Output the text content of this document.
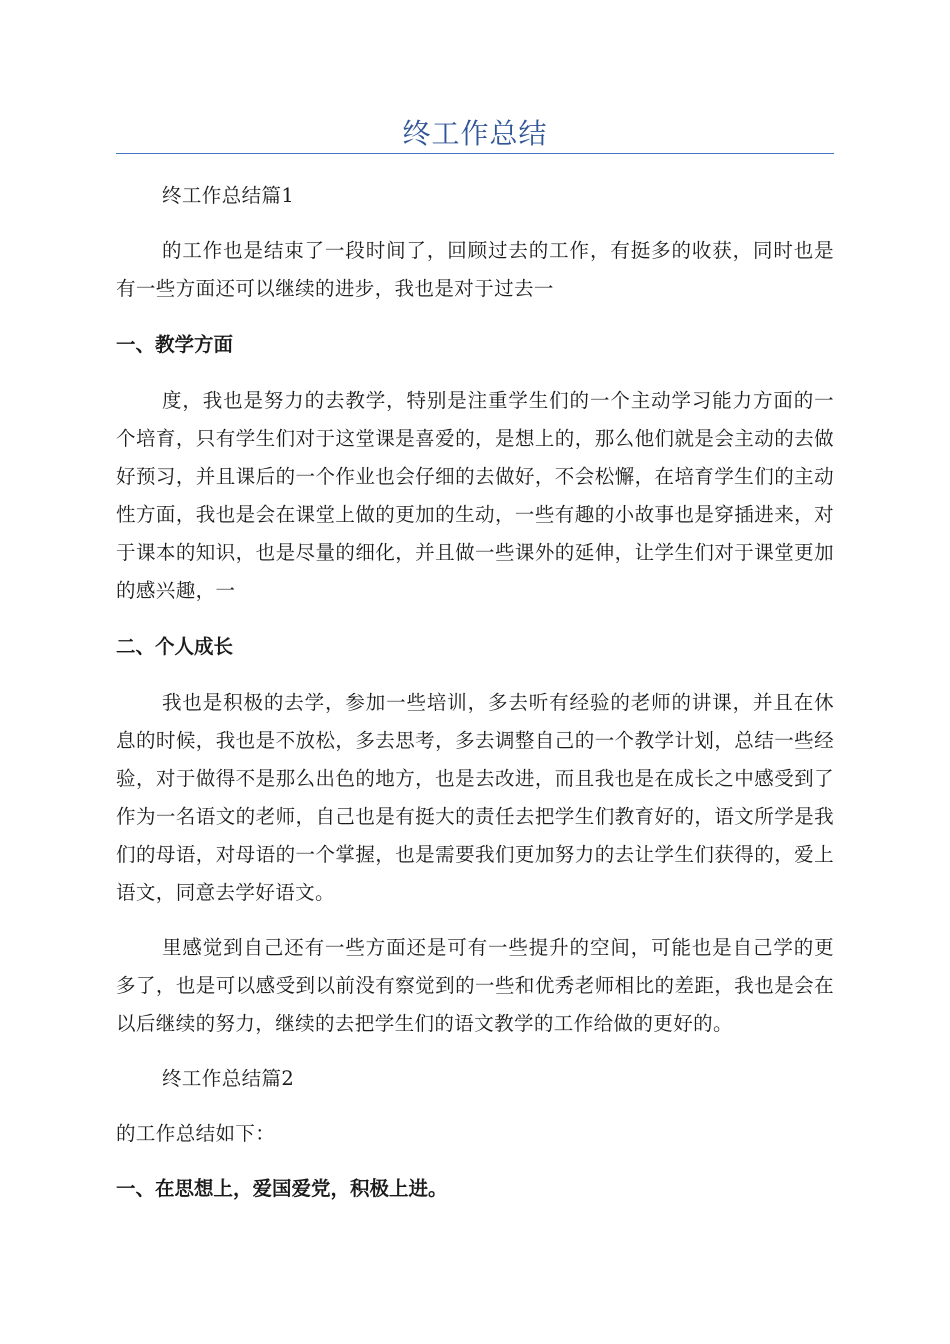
终工作总结

终工作总结篇1

的工作也是结束了一段时间了，回顾过去的工作，有挺多的收获，同时也是有一些方面还可以继续的进步，我也是对于过去一

一、教学方面

度，我也是努力的去教学，特别是注重学生们的一个主动学习能力方面的一个培育，只有学生们对于这堂课是喜爱的，是想上的，那么他们就是会主动的去做好预习，并且课后的一个作业也会仔细的去做好，不会松懈，在培育学生们的主动性方面，我也是会在课堂上做的更加的生动，一些有趣的小故事也是穿插进来，对于课本的知识，也是尽量的细化，并且做一些课外的延伸，让学生们对于课堂更加的感兴趣，一

二、个人成长

我也是积极的去学，参加一些培训，多去听有经验的老师的讲课，并且在休息的时候，我也是不放松，多去思考，多去调整自己的一个教学计划，总结一些经验，对于做得不是那么出色的地方，也是去改进，而且我也是在成长之中感受到了作为一名语文的老师，自己也是有挺大的责任去把学生们教育好的，语文所学是我们的母语，对母语的一个掌握，也是需要我们更加努力的去让学生们获得的，爱上语文，同意去学好语文。

里感觉到自己还有一些方面还是可有一些提升的空间，可能也是自己学的更多了，也是可以感受到以前没有察觉到的一些和优秀老师相比的差距，我也是会在以后继续的努力，继续的去把学生们的语文教学的工作给做的更好的。

终工作总结篇2

的工作总结如下：

一、在思想上，爱国爱党，积极上进。
